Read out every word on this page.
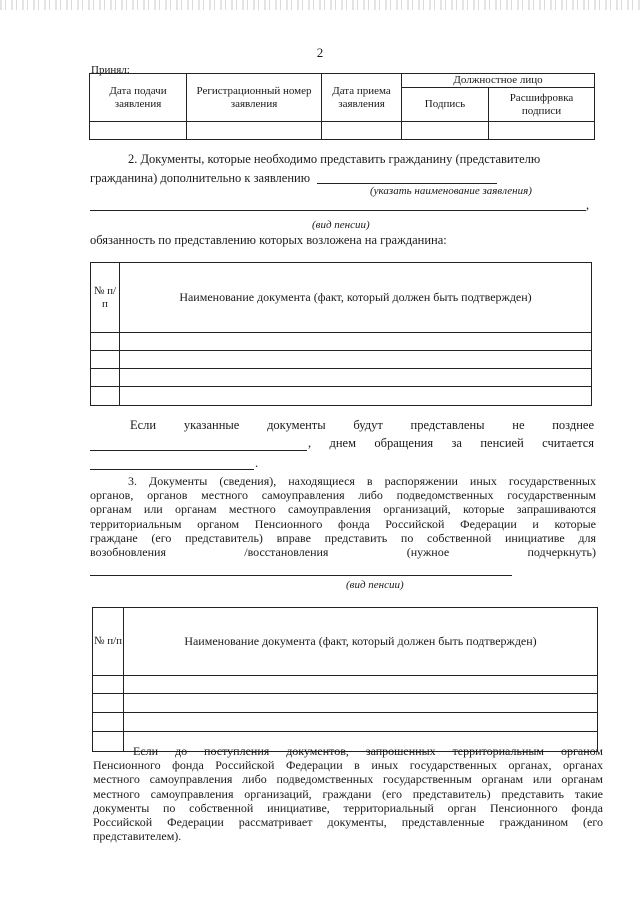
2
Принял:
Дата подачи заявления	Регистрационный номер заявления	Дата приема заявления	Должностное лицо	
			Подпись	Расшифровка подписи

2. Документы, которые необходимо представить гражданину (представителю
гражданина) дополнительно к заявлению
(указать наименование заявления)
,
(вид пенсии)
обязанность по представлению которых возложена на гражданина:
№ п/п	Наименование документа (факт, который должен быть подтвержден)

Если указанные документы будут представлены не позднее
, днем обращения за пенсией считается
.
3. Документы (сведения), находящиеся в распоряжении иных государственных
органов, органов местного самоуправления либо подведомственных государственным
органам или органам местного самоуправления организаций, которые запрашиваются
территориальным органом Пенсионного фонда Российской Федерации и которые
граждане (его представитель) вправе представить по собственной инициативе для
возобновления /восстановления (нужное подчеркнуть)
(вид пенсии)
№ п/п	Наименование документа (факт, который должен быть подтвержден)

Если до поступления документов, запрошенных территориальным органом
Пенсионного фонда Российской Федерации в иных государственных органах, органах
местного самоуправления либо подведомственных государственным органам или органам
местного самоуправления организаций, граждани (его представитель) представить такие
документы по собственной инициативе, территориальный орган Пенсионного фонда
Российской Федерации рассматривает документы, представленные гражданином (его
представителем).
